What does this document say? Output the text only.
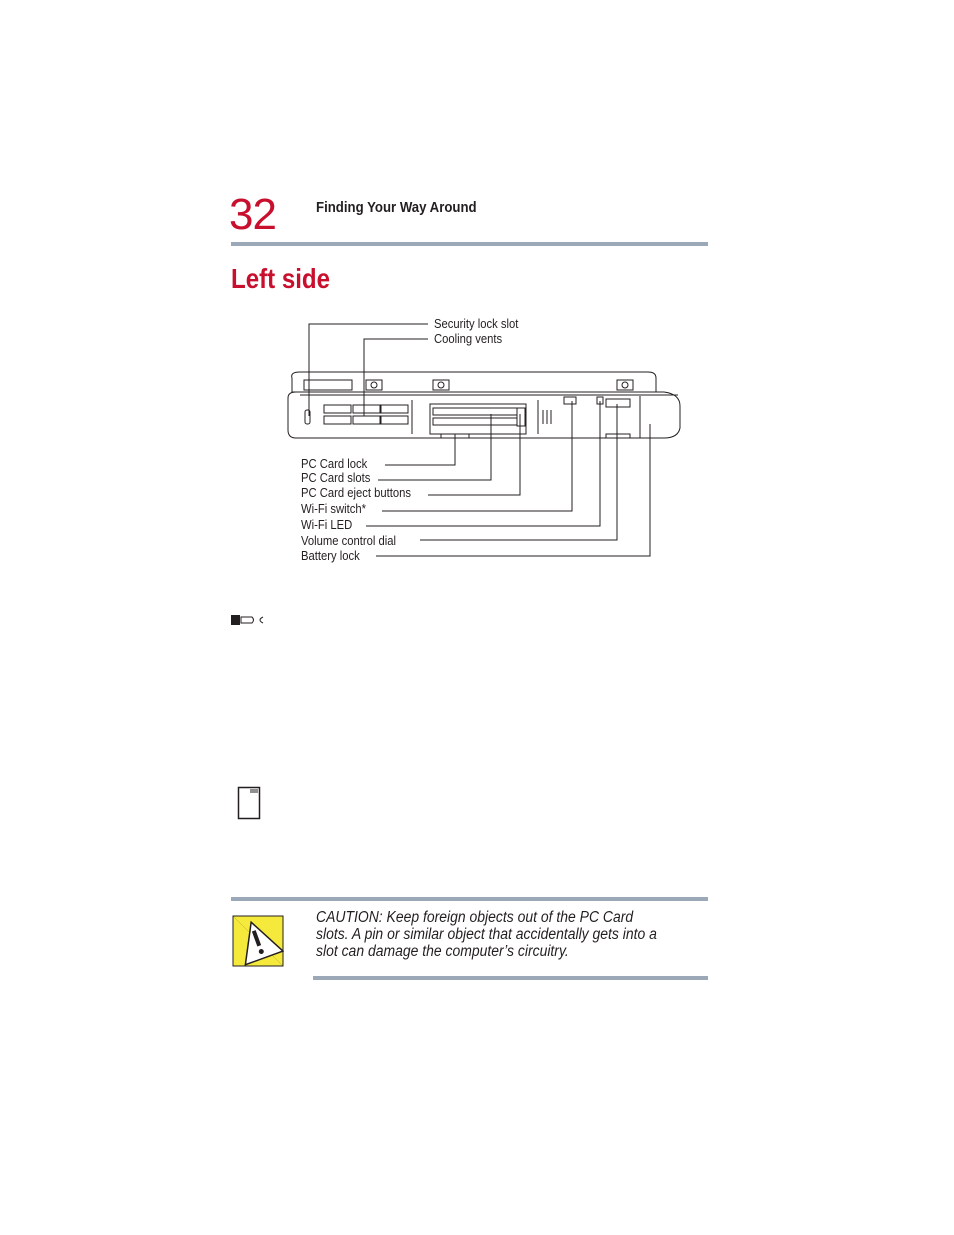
32	Finding Your Way Around
Left side
Security lock slot
Cooling vents
PC Card lock
PC Card slots
PC Card eject buttons
Wi-Fi switch*
Wi-Fi LED
Volume control dial
Battery lock
CAUTION: Keep foreign objects out of the PC Card slots. A pin or similar object that accidentally gets into a slot can damage the computer’s circuitry.
